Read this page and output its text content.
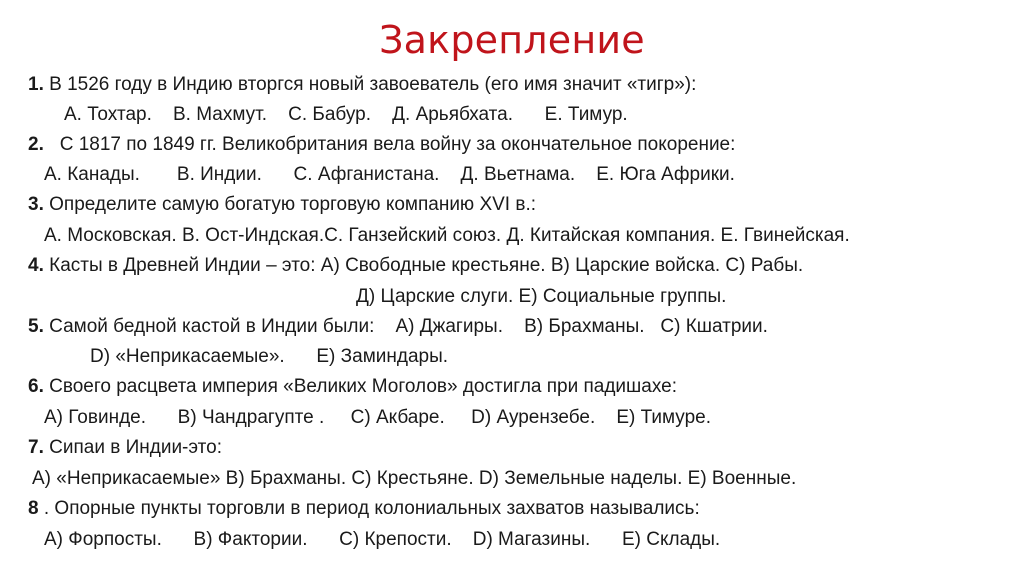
Закрепление
1. В 1526 году в Индию вторгся новый завоеватель (его имя значит «тигр»):
А. Тохтар.    В. Махмут.    С. Бабур.    Д. Арьябхата.      Е. Тимур.
2.   С 1817 по 1849 гг. Великобритания вела войну за окончательное покорение:
А. Канады.       В. Индии.      С. Афганистана.    Д. Вьетнама.    Е. Юга Африки.
3. Определите самую богатую торговую компанию XVI в.:
А. Московская. В. Ост-Индская.С. Ганзейский союз. Д. Китайская компания. Е. Гвинейская.
4. Касты в Древней Индии – это: А) Свободные крестьяне. В) Царские войска. С) Рабы.
Д) Царские слуги. Е) Социальные группы.
5. Самой бедной кастой в Индии были:    А) Джагиры.    В) Брахманы.   С) Кшатрии.
D) «Неприкасаемые».      Е) Заминдары.
6. Своего расцвета империя «Великих Моголов» достигла при падишахе:
А) Говинде.      В) Чандрагупте .     С) Акбаре.     D) Аурензебе.    Е) Тимуре.
7. Сипаи в Индии-это:
А) «Неприкасаемые» В) Брахманы. С) Крестьяне. D) Земельные наделы. Е) Военные.
8 . Опорные пункты торговли в период колониальных захватов назывались:
А) Форпосты.      В) Фактории.      С) Крепости.    D) Магазины.      Е) Склады.
